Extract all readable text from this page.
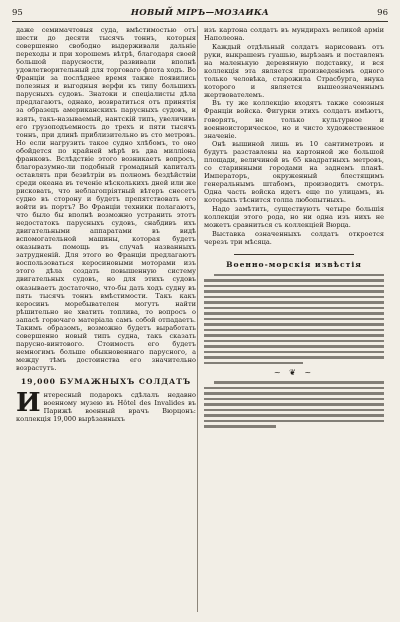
95	НОВЫЙ МІРЪ—МОЗАИКА	96

даже семимачтовыя суда, вмѣстимостью отъ шести до десяти тысячъ тоннъ, которыя совершенно свободно выдерживали дальніе переходы и при хорошемъ вѣтрѣ, благодаря своей большой парусности, развивали вполнѣ удовлетворительный для торговаго флота ходъ. Во Франціи за послѣднее время также появились полезныя и выгодныя верфи къ типу большихъ парусныхъ судовъ. Знатоки и спеціалисты дѣла предлагаютъ, однако, возвратиться отъ принятія за образецъ американскихъ парусныхъ судовъ, и взять, такъ-называемый, нантскій типъ, увеличивъ его грузоподъемность до трехъ и пяти тысячъ тоннъ, при длинѣ приблизительно въ сто метровъ. Но если нагрузить такое судно хлѣбомъ, то оно обойдется по крайней мѣрѣ въ два милліона франковъ. Вслѣдствіе этого возникаетъ вопросъ, благоразумно-ли подобный громадный капиталъ оставлять при безвѣтріи въ полномъ бездѣйствіи среди океана въ теченіе нѣсколькихъ дней или же рисковать, что неблагопріятный вѣтеръ снесетъ судно въ сторону и будетъ препятствовать его войти въ портъ? Во Франціи техники полагаютъ, что было бы вполнѣ возможно устранить этотъ недостатокъ парусныхъ судовъ, снабдивъ ихъ двигательными аппаратами въ видѣ вспомогательной машины, которая будетъ оказывать помощь въ случаѣ названныхъ затрудненій. Для этого во Франціи предлагаютъ воспользоваться керосиновыми моторами изъ этого дѣла создать повышенную систему двигательных судовъ, но для этихъ судовъ оказываетъ достаточно, что-бы дать ходъ судну въ пять тысячъ тоннъ вмѣстимости. Такъ какъ керосинъ моребывателен могутъ найти рѣшительно не хватить топлива, то вопросъ о запасѣ горючаго матеріала самъ собой отпадаетъ. Такимъ образомъ, возможно будетъ выработать совершенно новый типъ судна, такъ сказать парусно-винтового. Стоимость его будетъ немногимъ больше обыкновеннаго парусного, а между тѣмъ достоинства его значительно возрастутъ.

19,000 БУМАЖНЫХЪ СОЛДАТЪ

Интересный подарокъ сдѣлалъ недавно военному музею въ Hôtel des Invalides въ Парижѣ военный врачъ Вюрцонъ: коллекція 19,000 вырѣзанныхъ

изъ картона солдатъ въ мундирахъ великой арміи Наполеона.

Каждый отдѣльный солдатъ нарисованъ отъ руки, выкрашенъ гуашью, вырѣзанъ и поставленъ на маленькую деревянную подставку, и вся коллекція эта является произведеніемъ одного только человѣка, старожила Страсбурга, внука которого и является вышеозначеннымъ жертвователемъ.

Въ ту же коллекцію входятъ также союзныя Франціи войска. Фигурки этихъ солдатъ имѣютъ, говорятъ, не только культурное и военноисторическое, но и чисто художественное значеніе.

Онѣ вышиной лишь въ 10 сантиметровъ и будутъ разставлены на картонной же большой площади, величиной въ 65 квадратныхъ метровъ, со старинными городами на заднемъ планѣ. Императоръ, окруженный блестящимъ генеральнымъ штабомъ, производитъ смотръ. Одна часть войска идетъ еще по улицамъ, въ которыхъ тѣснится толпа любопытныхъ.

Надо замѣтить, существуютъ четыре большія коллекціи этого рода, но ни одна изъ нихъ не можетъ сравниться съ коллекціей Вюрца.

Выставка означенныхъ солдатъ откроется черезъ три мѣсяца.

Военно-морскія извѣстія
~ ❦ ~
